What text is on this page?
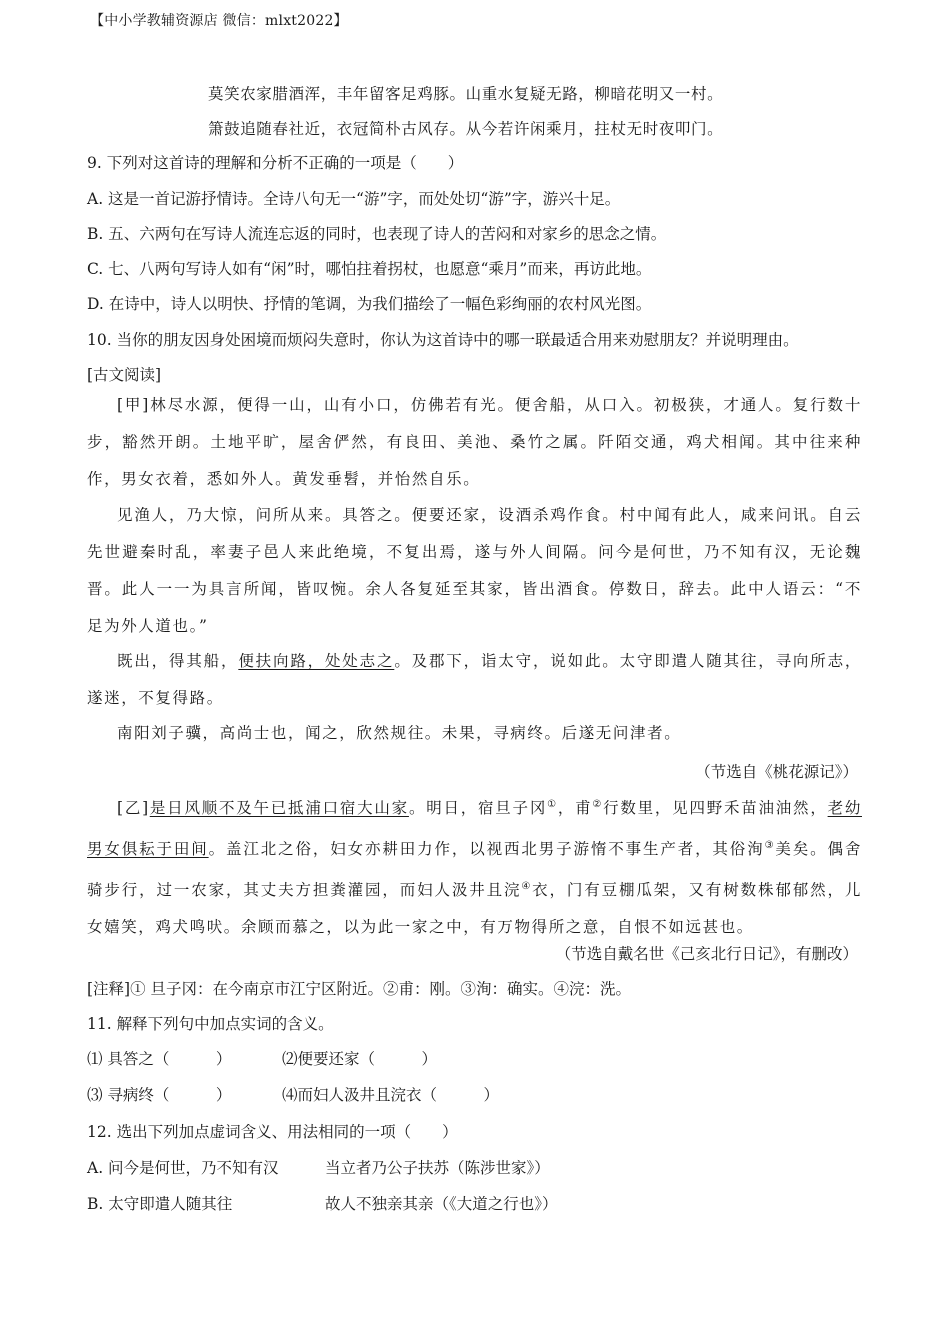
【中小学教辅资源店 微信：mlxt2022】
莫笑农家腊酒浑，丰年留客足鸡豚。山重水复疑无路，柳暗花明又一村。
箫鼓追随春社近，衣冠简朴古风存。从今若许闲乘月，拄杖无时夜叩门。
9. 下列对这首诗的理解和分析不正确的一项是（　　）
A. 这是一首记游抒情诗。全诗八句无一“游”字，而处处切“游”字，游兴十足。
B. 五、六两句在写诗人流连忘返的同时，也表现了诗人的苦闷和对家乡的思念之情。
C. 七、八两句写诗人如有“闲”时，哪怕拄着拐杖，也愿意“乘月”而来，再访此地。
D. 在诗中，诗人以明快、抒情的笔调，为我们描绘了一幅色彩绚丽的农村风光图。
10. 当你的朋友因身处困境而烦闷失意时，你认为这首诗中的哪一联最适合用来劝慰朋友？并说明理由。
[古文阅读]
[甲]林尽水源，便得一山，山有小口，仿佛若有光。便舍船，从口入。初极狭，才通人。复行数十步，豁然开朗。土地平旷，屋舍俨然，有良田、美池、桑竹之属。阡陌交通，鸡犬相闻。其中往来种作，男女衣着，悉如外人。黄发垂髫，并怡然自乐。
见渔人，乃大惊，问所从来。具答之。便要还家，设酒杀鸡作食。村中闻有此人，咸来问讯。自云先世避秦时乱，率妻子邑人来此绝境，不复出焉，遂与外人间隔。问今是何世，乃不知有汉，无论魏晋。此人一一为具言所闻，皆叹惋。余人各复延至其家，皆出酒食。停数日，辞去。此中人语云：“不足为外人道也。”
既出，得其船，便扶向路，处处志之。及郡下，诣太守，说如此。太守即遣人随其往，寻向所志，遂迷，不复得路。
南阳刘子骥，高尚士也，闻之，欣然规往。未果，寻病终。后遂无问津者。
（节选自《桃花源记》）
[乙]是日风顺不及午已抵浦口宿大山家。明日，宿旦子冈①，甫②行数里，见四野禾苗油油然，老幼男女俱耘于田间。盖江北之俗，妇女亦耕田力作，以视西北男子游惰不事生产者，其俗洵③美矣。偶舍骑步行，过一农家，其丈夫方担粪灌园，而妇人汲井且浣④衣，门有豆棚瓜架，又有树数株郁郁然，儿女嬉笑，鸡犬鸣吠。余顾而慕之，以为此一家之中，有万物得所之意，自恨不如远甚也。
（节选自戴名世《己亥北行日记》，有删改）
[注释]① 旦子冈：在今南京市江宁区附近。②甫：刚。③洵：确实。④浣：洗。
11. 解释下列句中加点实词的含义。
⑴ 具答之（　　　）	⑵便要还家（　　　）
⑶ 寻病终（　　　）	⑷而妇人汲井且浣衣（　　　）
12. 选出下列加点虚词含义、用法相同的一项（　　）
A. 问今是何世，乃不知有汉	当立者乃公子扶苏（陈涉世家》）
B. 太守即遣人随其往	故人不独亲其亲（《大道之行也》）
